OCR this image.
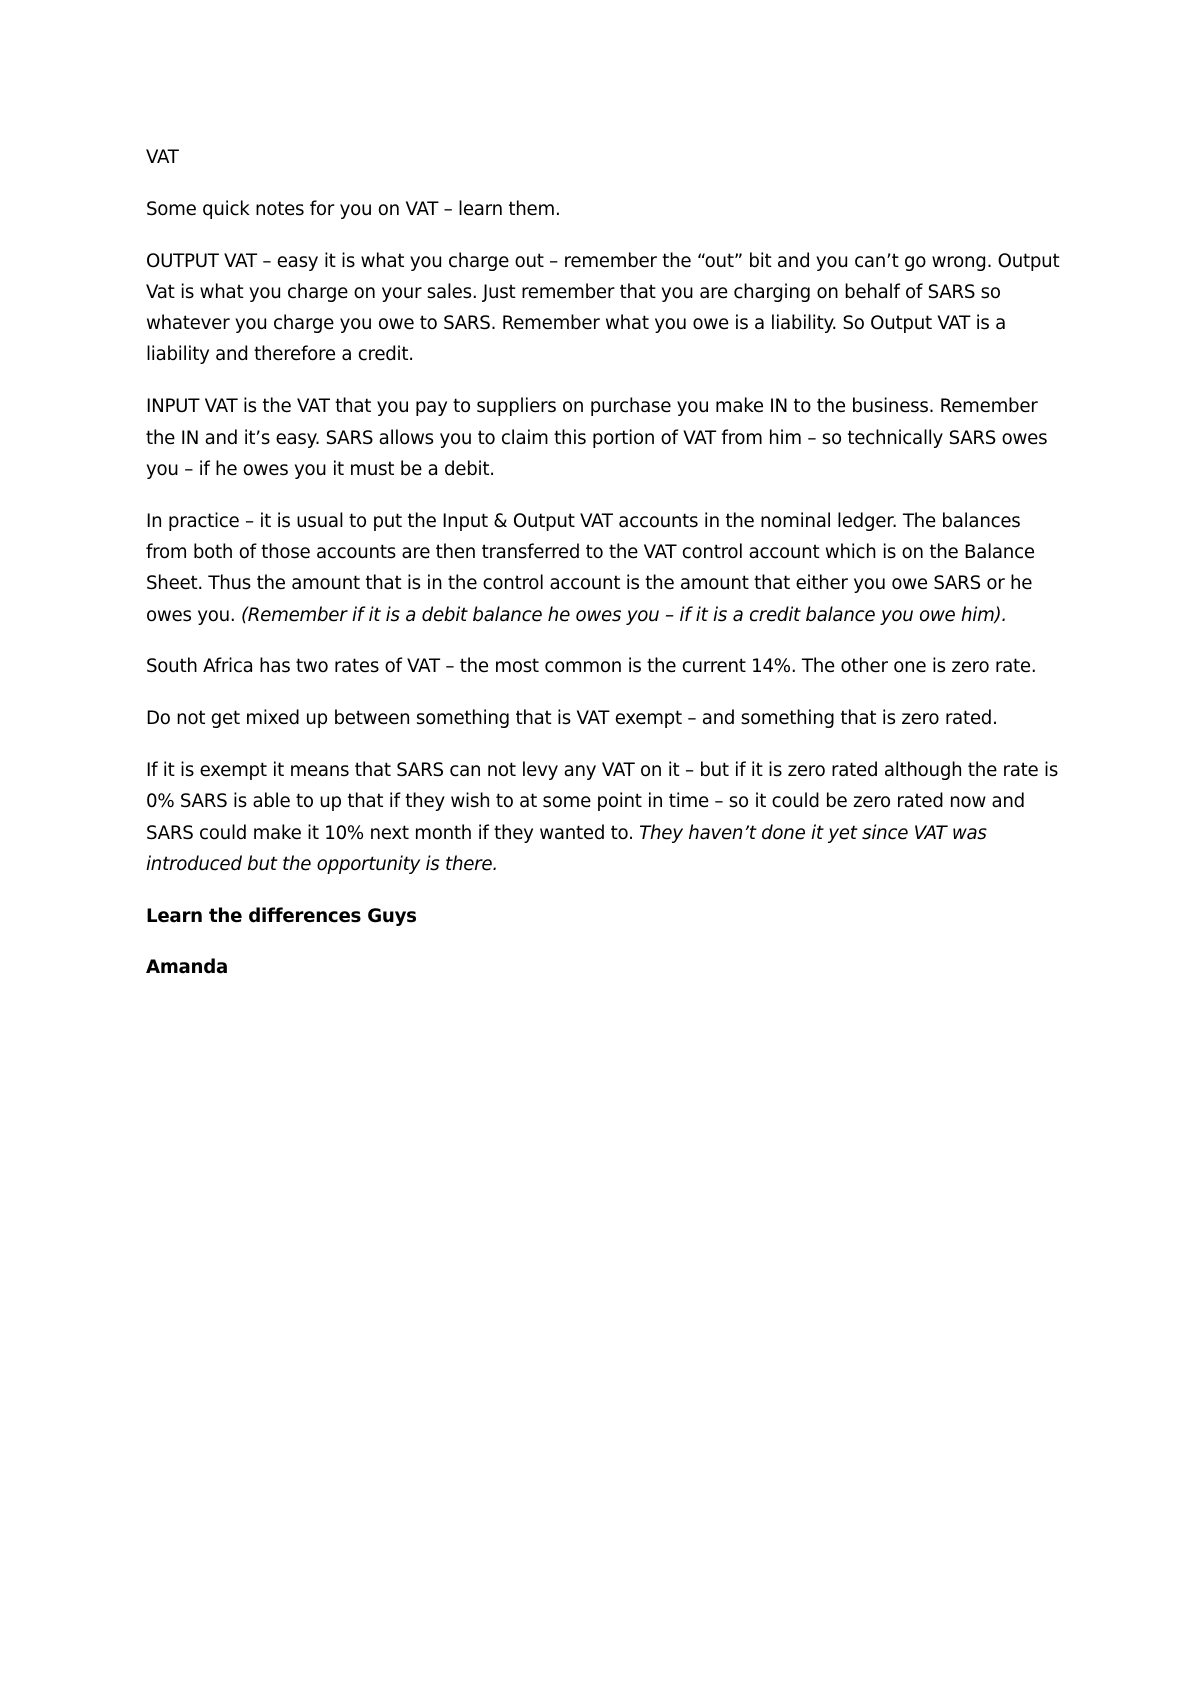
VAT

Some quick notes for you on VAT – learn them.

OUTPUT VAT – easy it is what you charge out – remember the “out” bit and you can’t go wrong. Output Vat is what you charge on your sales. Just remember that you are charging on behalf of SARS so whatever you charge you owe to SARS. Remember what you owe is a liability. So Output VAT is a liability and therefore a credit.

INPUT VAT is the VAT that you pay to suppliers on purchase you make IN to the business. Remember the IN and it’s easy. SARS allows you to claim this portion of VAT from him – so technically SARS owes you – if he owes you it must be a debit.

In practice – it is usual to put the Input & Output VAT accounts in the nominal ledger. The balances from both of those accounts are then transferred to the VAT control account which is on the Balance Sheet. Thus the amount that is in the control account is the amount that either you owe SARS or he owes you. (Remember if it is a debit balance he owes you – if it is a credit balance you owe him).

South Africa has two rates of VAT – the most common is the current 14%. The other one is zero rate.

Do not get mixed up between something that is VAT exempt – and something that is zero rated.

If it is exempt it means that SARS can not levy any VAT on it – but if it is zero rated although the rate is 0% SARS is able to up that if they wish to at some point in time – so it could be zero rated now and SARS could make it 10% next month if they wanted to. They haven’t done it yet since VAT was introduced but the opportunity is there.

Learn the differences Guys

Amanda
